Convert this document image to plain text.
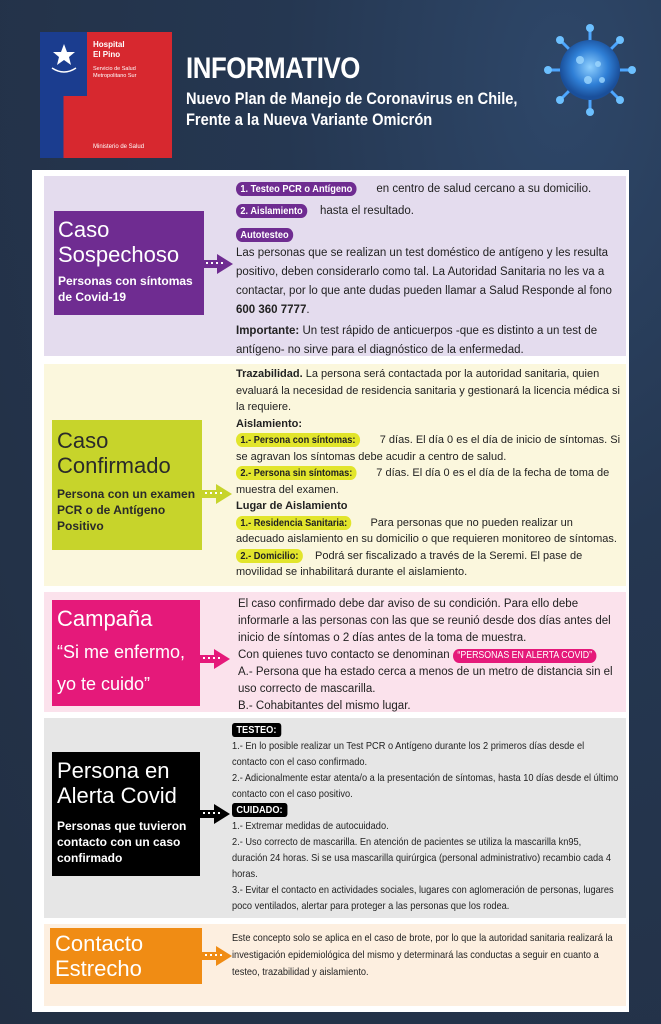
Hospital
El Pino
Servicio de Salud
Metropolitano Sur
Ministerio de Salud
INFORMATIVO
Nuevo Plan de Manejo de Coronavirus en Chile,
Frente a la Nueva Variante Omicrón
Caso
Sospechoso
Personas con síntomas de Covid-19
1. Testeo PCR o Antígeno en centro de salud cercano a su domicilio.
2. Aislamiento hasta el resultado.
Autotesteo
Las personas que se realizan un test doméstico de antígeno y les resulta positivo, deben considerarlo como tal. La Autoridad Sanitaria no les va a contactar, por lo que ante dudas pueden llamar a Salud Responde al fono 600 360 7777.
Importante: Un test rápido de anticuerpos -que es distinto a un test de antígeno- no sirve para el diagnóstico de la enfermedad.
Caso
Confirmado
Persona con un examen PCR o de Antígeno Positivo
Trazabilidad. La persona será contactada por la autoridad sanitaria, quien evaluará la necesidad de residencia sanitaria y gestionará la licencia médica si la requiere.
Aislamiento:
1.- Persona con síntomas: 7 días. El día 0 es el día de inicio de síntomas. Si se agravan los síntomas debe acudir a centro de salud.
2.- Persona sin síntomas: 7 días. El día 0 es el día de la fecha de toma de muestra del examen.
Lugar de Aislamiento
1.- Residencia Sanitaria: Para personas que no pueden realizar un adecuado aislamiento en su domicilio o que requieren monitoreo de síntomas.
2.- Domicilio: Podrá ser fiscalizado a través de la Seremi. El pase de movilidad se inhabilitará durante el aislamiento.
Campaña
“Si me enfermo,
yo te cuido”
El caso confirmado debe dar aviso de su condición. Para ello debe informarle a las personas con las que se reunió desde dos días antes del inicio de síntomas o 2 días antes de la toma de muestra.
Con quienes tuvo contacto se denominan “PERSONAS EN ALERTA COVID”
A.- Persona que ha estado cerca a menos de un metro de distancia sin el uso correcto de mascarilla.
B.- Cohabitantes del mismo lugar.
Persona en
Alerta Covid
Personas que tuvieron contacto con un caso confirmado
TESTEO:
1.- En lo posible realizar un Test PCR o Antígeno durante los 2 primeros días desde el contacto con el caso confirmado. 2.- Adicionalmente estar atenta/o a la presentación de síntomas, hasta 10 días desde el último contacto con el caso positivo.
CUIDADO:
1.- Extremar medidas de autocuidado. 2.- Uso correcto de mascarilla. En atención de pacientes se utiliza la mascarilla kn95, duración 24 horas. Si se usa mascarilla quirúrgica (personal administrativo) recambio cada 4 horas. 3.- Evitar el contacto en actividades sociales, lugares con aglomeración de personas, lugares poco ventilados, alertar para proteger a las personas que los rodea.
Contacto
Estrecho
Este concepto solo se aplica en el caso de brote, por lo que la autoridad sanitaria realizará la investigación epidemiológica del mismo y determinará las conductas a seguir en cuanto a testeo, trazabilidad y aislamiento.
